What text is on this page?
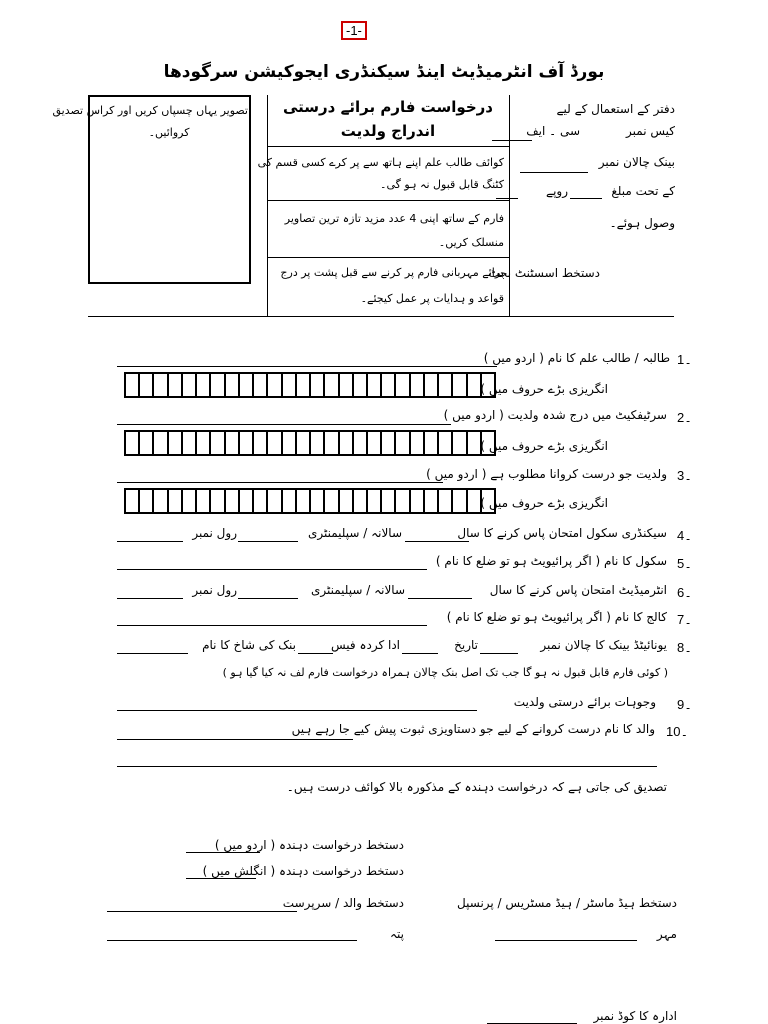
-1-
بورڈ آف انٹرمیڈیٹ اینڈ سیکنڈری ایجوکیشن سرگودھا
تصویر یہاں چسپاں کریں اور کراس تصدیق
کروائیں۔
درخواست فارم برائے درستی
اندراج ولدیت
کوائف طالب علم اپنے ہاتھ سے پر کرے کسی قسم کی
کٹنگ قابل قبول نہ ہو گی۔
فارم کے ساتھ اپنی 4 عدد مزید تازہ ترین تصاویر
منسلک کریں۔
برائے مہربانی فارم پر کرنے سے قبل پشت پر درج
قواعد و ہدایات پر عمل کیجئے۔
دفتر کے استعمال کے لیے
کیس نمبر
سی ۔ ایف
بینک چالان نمبر
کے تحت مبلغ
روپے
وصول ہوئے۔
دستخط اسسٹنٹ بجٹ
1۔
طالبہ / طالب علم کا نام ( اردو میں )
انگریزی بڑے حروف میں )
2۔
سرٹیفکیٹ میں درج شدہ ولدیت ( اردو میں )
انگریزی بڑے حروف میں )
3۔
ولدیت جو درست کروانا مطلوب ہے ( اردو میں )
انگریزی بڑے حروف میں )
4۔
سیکنڈری سکول امتحان پاس کرنے کا سال
سالانہ / سپلیمنٹری
رول نمبر
5۔
سکول کا نام ( اگر پرائیویٹ ہو تو ضلع کا نام )
6۔
انٹرمیڈیٹ امتحان پاس کرنے کا سال
سالانہ / سپلیمنٹری
رول نمبر
7۔
کالج کا نام ( اگر پرائیویٹ ہو تو ضلع کا نام )
8۔
یونائیٹڈ بینک کا چالان نمبر
تاریخ
ادا کردہ فیس
بنک کی شاخ کا نام
( کوئی فارم قابل قبول نہ ہو گا جب تک اصل بنک چالان ہمراہ درخواست فارم لف نہ کیا گیا ہو )
9۔
وجوہات برائے درستی ولدیت
10۔
والد کا نام درست کروانے کے لیے جو دستاویزی ثبوت پیش کیے جا رہے ہیں
تصدیق کی جاتی ہے کہ درخواست دہندہ کے مذکورہ بالا کوائف درست ہیں۔
دستخط درخواست دہندہ ( اردو میں )
دستخط درخواست دہندہ ( انگلش میں )
دستخط والد / سرپرست
پتہ
دستخط ہیڈ ماسٹر / ہیڈ مسٹریس / پرنسپل
مہر
ادارہ کا کوڈ نمبر
